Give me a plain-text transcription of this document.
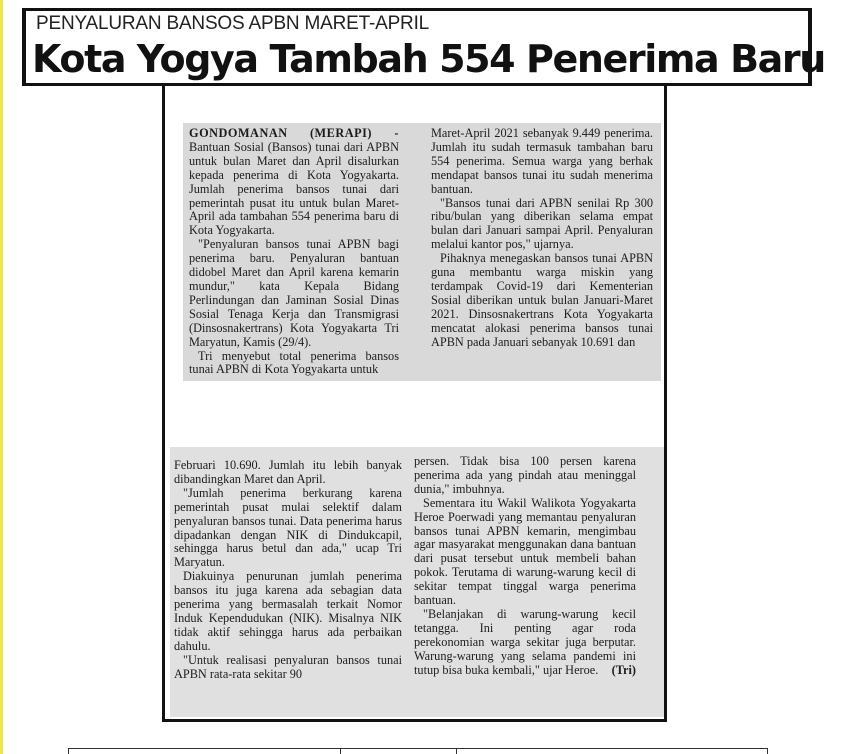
PENYALURAN BANSOS APBN MARET-APRIL
Kota Yogya Tambah 554 Penerima Baru

GONDOMANAN (MERAPI) - Bantuan Sosial (Bansos) tunai dari APBN untuk bulan Maret dan April disalurkan kepada penerima di Kota Yogyakarta. Jumlah penerima bansos tunai dari pemerintah pusat itu untuk bulan Maret-April ada tambahan 554 penerima baru di Kota Yogyakarta.

"Penyaluran bansos tunai APBN bagi penerima baru. Penyaluran bantuan didobel Maret dan April karena kemarin mundur," kata Kepala Bidang Perlindungan dan Jaminan Sosial Dinas Sosial Tenaga Kerja dan Transmigrasi (Dinsosnakertrans) Kota Yogyakarta Tri Maryatun, Kamis (29/4).

Tri menyebut total penerima bansos tunai APBN di Kota Yogyakarta untuk

Maret-April 2021 sebanyak 9.449 penerima. Jumlah itu sudah termasuk tambahan baru 554 penerima. Semua warga yang berhak mendapat bansos tunai itu sudah menerima bantuan.

"Bansos tunai dari APBN senilai Rp 300 ribu/bulan yang diberikan selama empat bulan dari Januari sampai April. Penyaluran melalui kantor pos," ujarnya.

Pihaknya menegaskan bansos tunai APBN guna membantu warga miskin yang terdampak Covid-19 dari Kementerian Sosial diberikan untuk bulan Januari-Maret 2021. Dinsosnakertrans Kota Yogyakarta mencatat alokasi penerima bansos tunai APBN pada Januari sebanyak 10.691 dan

Februari 10.690. Jumlah itu lebih banyak dibandingkan Maret dan April.

"Jumlah penerima berkurang karena pemerintah pusat mulai selektif dalam penyaluran bansos tunai. Data penerima harus dipadankan dengan NIK di Dindukcapil, sehingga harus betul dan ada," ucap Tri Maryatun.

Diakuinya penurunan jumlah penerima bansos itu juga karena ada sebagian data penerima yang bermasalah terkait Nomor Induk Kependudukan (NIK). Misalnya NIK tidak aktif sehingga harus ada perbaikan dahulu.

"Untuk realisasi penyaluran bansos tunai APBN rata-rata sekitar 90

persen. Tidak bisa 100 persen karena penerima ada yang pindah atau meninggal dunia," imbuhnya.

Sementara itu Wakil Walikota Yogyakarta Heroe Poerwadi yang memantau penyaluran bansos tunai APBN kemarin, mengimbau agar masyarakat menggunakan dana bantuan dari pusat tersebut untuk membeli bahan pokok. Terutama di warung-warung kecil di sekitar tempat tinggal warga penerima bantuan.

"Belanjakan di warung-warung kecil tetangga. Ini penting agar roda perekonomian warga sekitar juga berputar. Warung-warung yang selama pandemi ini tutup bisa buka kembali," ujar Heroe.	(Tri)
